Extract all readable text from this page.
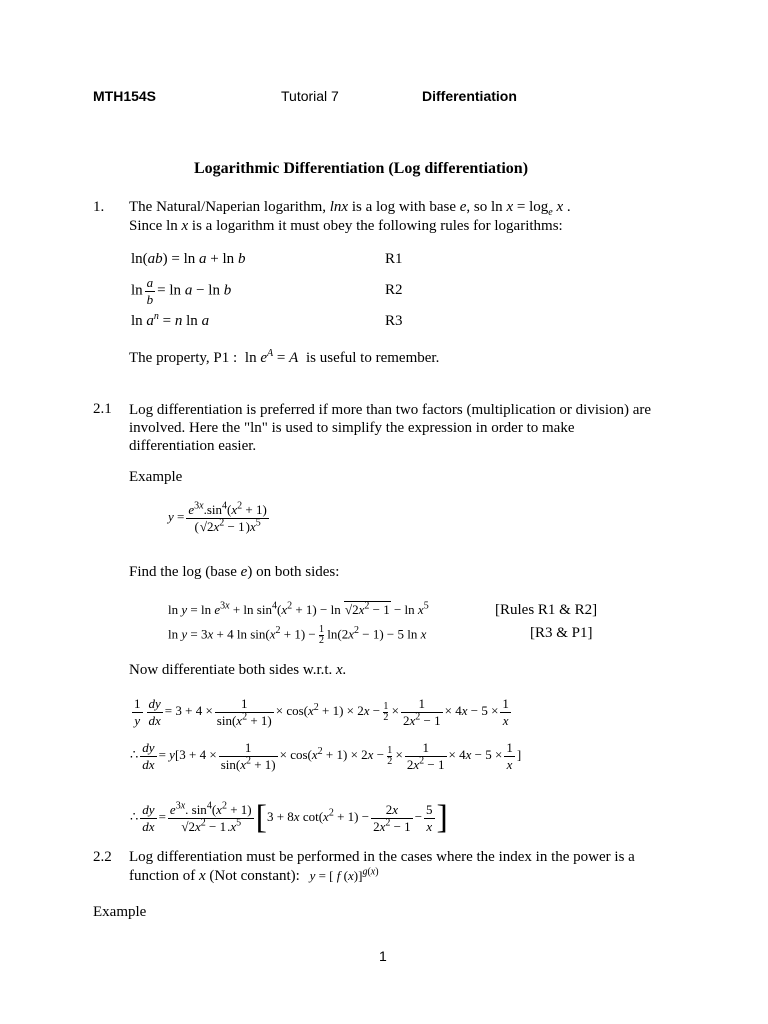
MTH154S	Tutorial 7	Differentiation
Logarithmic Differentiation (Log differentiation)
1. The Natural/Naperian logarithm, lnx is a log with base e, so $\ln x = \log_e x$ .
Since ln x is a logarithm it must obey the following rules for logarithms:
ln(ab) = ln a + ln b	R1
$\ln \frac{a}{b} = \ln a - \ln b$	R2
$\ln a^n = n$ ln a	R3
The property, P1 : $\ln e^A = A$ is useful to remember.
2.1 Log differentiation is preferred if more than two factors (multiplication or division) are

involved. Here the "ln" is used to simplify the expression in order to make

differentiation easier.

Example
$y = \frac{e^{3x}.\sin^4(x^2 + 1)}{(√2x^2 - 1)x^5}$
Find the log (base e) on both sides:
$\ln y = \ln e^{3x} + \ln \sin^4(x^2 + 1) - \ln √2x^2 - 1 - \ln x^5$	[Rules R1 & R2]
ln y = 3x + 4 $\ln \sin(x^2 + 1) - \frac{1}{2} \ln(2x^2 - 1) - 5$ ln x	[R3 & P1]
Now differentiate both sides w.r.t. x.
$\frac{1}{y} \frac{dy}{dx} = 3 + 4 \times \frac{1}{\sin(x^2 + 1)} \times \cos(x^2 + 1) \times 2x - \frac{1}{2} \times \frac{1}{2x^2 - 1} \times 4x - 5 \times \frac{1}{x}$
∴ $\frac{dy}{dx} = y[3 + 4 \times \frac{1}{\sin(x^2 + 1)} \times \cos(x^2 + 1) \times 2x - \frac{1}{2} \times \frac{1}{2x^2 - 1} \times 4x - 5 \times \frac{1}{x}$ ]
∴ $\frac{dy}{dx} = \frac{e^{3x}. \sin^4(x^2 + 1)}{√2x^2 - 1.x^5} [3 + 8x$ $\cot(x^2 + 1) - \frac{2x}{2x^2 - 1} - \frac{5}{x}$ ]
2.2 Log differentiation must be performed in the cases where the index in the power is a
function of x (Not constant): y = [ f (x)]$^{g(x)}$
Example
1
